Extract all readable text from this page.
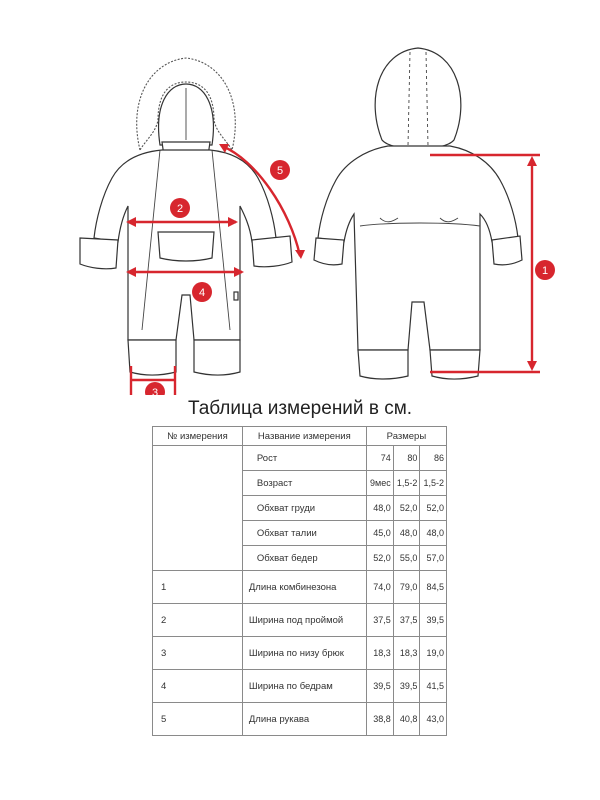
1
2
3
4
5
Таблица измерений в см.
№ измерения	Название измерения	Размеры		
	Рост	74	80	86
	Возраст	9мес	1,5-2	1,5-2
	Обхват груди	48,0	52,0	52,0
	Обхват талии	45,0	48,0	48,0
	Обхват бедер	52,0	55,0	57,0
1	Длина комбинезона	74,0	79,0	84,5
2	Ширина под проймой	37,5	37,5	39,5
3	Ширина по низу брюк	18,3	18,3	19,0
4	Ширина по бедрам	39,5	39,5	41,5
5	Длина рукава	38,8	40,8	43,0
